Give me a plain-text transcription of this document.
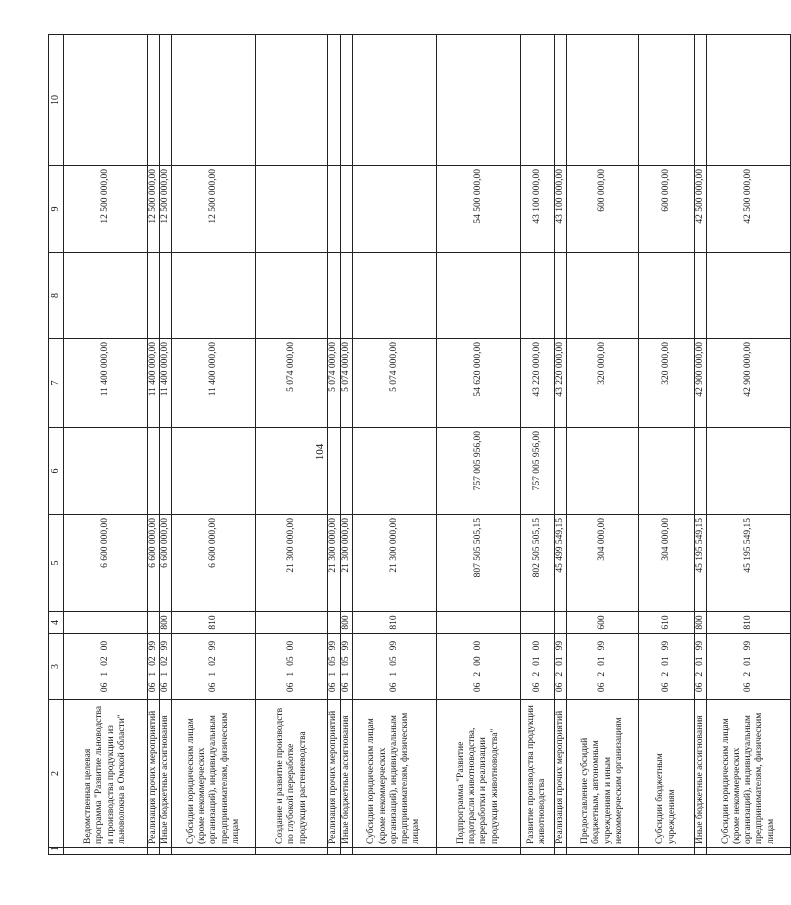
104
1	2	3	4	5	6	7	8	9	10
	Ведомственная целевая программа "Развитие льноводства и производства продукции из льноволокна в Омской области"	0610200		6 600 000,00		11 400 000,00		12 500 000,00	
	Реализация прочих мероприятий	0610299		6 600 000,00		11 400 000,00		12 500 000,00	
	Иные бюджетные ассигнования	0610299	800	6 600 000,00		11 400 000,00		12 500 000,00	
	Субсидии юридическим лицам (кроме некоммерческих организаций), индивидуальным предпринимателям, физическим лицам	0610299	810	6 600 000,00		11 400 000,00		12 500 000,00	
	Создание и развитие производств по глубокой переработке продукции растениеводства	0610500		21 300 000,00		5 074 000,00			
	Реализация прочих мероприятий	0610599		21 300 000,00		5 074 000,00			
	Иные бюджетные ассигнования	0610599	800	21 300 000,00		5 074 000,00			
	Субсидии юридическим лицам (кроме некоммерческих организаций), индивидуальным предпринимателям, физическим лицам	0610599	810	21 300 000,00		5 074 000,00			
	Подпрограмма "Развитие подотрасли животноводства, переработки и реализации продукции животноводства"	0620000		807 505 505,15	757 005 956,00	54 620 000,00		54 500 000,00	
	Развитие производства продукции животноводства	0620100		802 505 505,15	757 005 956,00	43 220 000,00		43 100 000,00	
	Реализация прочих мероприятий	0620199		45 499 549,15		43 220 000,00		43 100 000,00	
	Предоставление субсидий бюджетным, автономным учреждениям и иным некоммерческим организациям	0620199	600	304 000,00		320 000,00		600 000,00	
	Субсидии бюджетным учреждениям	0620199	610	304 000,00		320 000,00		600 000,00	
	Иные бюджетные ассигнования	0620199	800	45 195 549,15		42 900 000,00		42 500 000,00	
	Субсидии юридическим лицам (кроме некоммерческих организаций), индивидуальным предпринимателям, физическим лицам	0620199	810	45 195 549,15		42 900 000,00		42 500 000,00	
